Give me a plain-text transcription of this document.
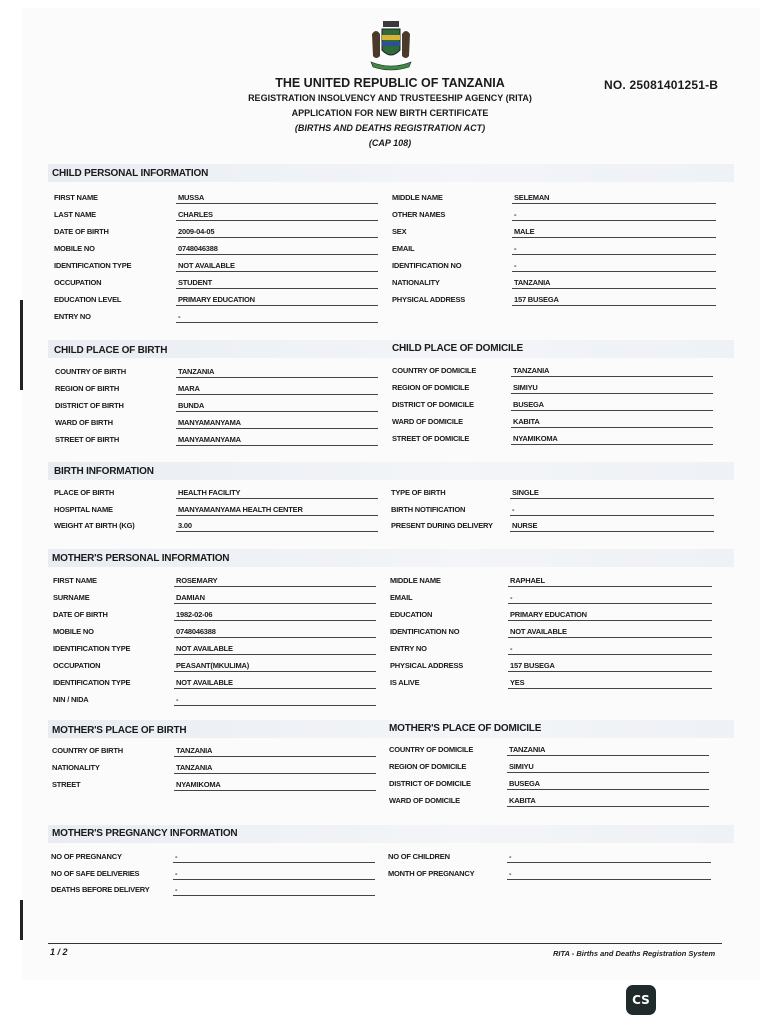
THE UNITED REPUBLIC OF TANZANIA
REGISTRATION INSOLVENCY AND TRUSTEESHIP AGENCY (RITA)
APPLICATION FOR NEW BIRTH CERTIFICATE
(BIRTHS AND DEATHS REGISTRATION ACT)
(CAP 108)
NO. 25081401251-B
CHILD PERSONAL INFORMATION
CHILD PLACE OF BIRTH	CHILD PLACE OF DOMICILE
BIRTH INFORMATION
MOTHER'S PERSONAL INFORMATION
MOTHER'S PLACE OF BIRTH	MOTHER'S PLACE OF DOMICILE
MOTHER'S PREGNANCY INFORMATION
FIRST NAME	MUSSA	MIDDLE NAME	SELEMAN
LAST NAME	CHARLES	OTHER NAMES	-
DATE OF BIRTH	2009-04-05	SEX	MALE
MOBILE NO	0748046388	EMAIL	-
IDENTIFICATION TYPE	NOT AVAILABLE	IDENTIFICATION NO	-
OCCUPATION	STUDENT	NATIONALITY	TANZANIA
EDUCATION LEVEL	PRIMARY EDUCATION	PHYSICAL ADDRESS	157 BUSEGA
ENTRY NO	-
COUNTRY OF BIRTH	TANZANIA
REGION OF BIRTH	MARA
DISTRICT OF BIRTH	BUNDA
WARD OF BIRTH	MANYAMANYAMA
STREET OF BIRTH	MANYAMANYAMA
COUNTRY OF DOMICILE	TANZANIA
REGION OF DOMICILE	SIMIYU
DISTRICT OF DOMICILE	BUSEGA
WARD OF DOMICILE	KABITA
STREET OF DOMICILE	NYAMIKOMA
PLACE OF BIRTH	HEALTH FACILITY	TYPE OF BIRTH	SINGLE
HOSPITAL NAME	MANYAMANYAMA HEALTH CENTER	BIRTH NOTIFICATION	-
WEIGHT AT BIRTH (KG)	3.00	PRESENT DURING DELIVERY	NURSE
FIRST NAME	ROSEMARY	MIDDLE NAME	RAPHAEL
SURNAME	DAMIAN	EMAIL	-
DATE OF BIRTH	1982-02-06	EDUCATION	PRIMARY EDUCATION
MOBILE NO	0748046388	IDENTIFICATION NO	NOT AVAILABLE
IDENTIFICATION TYPE	NOT AVAILABLE	ENTRY NO	-
OCCUPATION	PEASANT(MKULIMA)	PHYSICAL ADDRESS	157 BUSEGA
IDENTIFICATION TYPE	NOT AVAILABLE	IS ALIVE	YES
NIN / NIDA	-
COUNTRY OF BIRTH	TANZANIA
NATIONALITY	TANZANIA
STREET	NYAMIKOMA
COUNTRY OF DOMICILE	TANZANIA
REGION OF DOMICILE	SIMIYU
DISTRICT OF DOMICILE	BUSEGA
WARD OF DOMICILE	KABITA
NO OF PREGNANCY	-	NO OF CHILDREN	-
NO OF SAFE DELIVERIES	-	MONTH OF PREGNANCY	-
DEATHS BEFORE DELIVERY	-
1 / 2	RITA - Births and Deaths Registration System
CS
